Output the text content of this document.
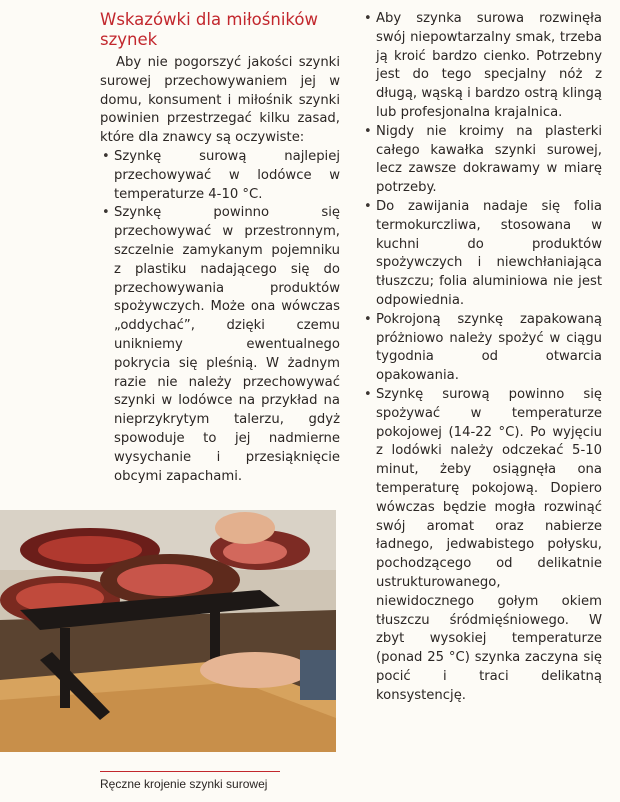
Wskazówki dla miłośników szynek

Aby nie pogorszyć jakości szynki surowej przechowywaniem jej w domu, konsument i miłośnik szynki powinien przestrzegać kilku zasad, które dla znawcy są oczywiste:

• Szynkę surową najlepiej przechowywać w lodówce w temperaturze 4-10 °C.
• Szynkę powinno się przechowywać w przestronnym, szczelnie zamykanym pojemniku z plastiku nadającego się do przechowywania produktów spożywczych. Może ona wówczas „oddychać”, dzięki czemu unikniemy ewentualnego pokrycia się pleśnią. W żadnym razie nie należy przechowywać szynki w lodówce na przykład na nieprzykrytym talerzu, gdyż spowoduje to jej nadmierne wysychanie i przesiąknięcie obcymi zapachami.
• Aby szynka surowa rozwinęła swój niepowtarzalny smak, trzeba ją kroić bardzo cienko. Potrzebny jest do tego specjalny nóż z długą, wąską i bardzo ostrą klingą lub profesjonalna krajalnica.
• Nigdy nie kroimy na plasterki całego kawałka szynki surowej, lecz zawsze dokrawamy w miarę potrzeby.
• Do zawijania nadaje się folia termokurczliwa, stosowana w kuchni do produktów spożywczych i niewchłaniająca tłuszczu; folia aluminiowa nie jest odpowiednia.
• Pokrojoną szynkę zapakowaną próżniowo należy spożyć w ciągu tygodnia od otwarcia opakowania.
• Szynkę surową powinno się spożywać w temperaturze pokojowej (14-22 °C). Po wyjęciu z lodówki należy odczekać 5-10 minut, żeby osiągnęła ona temperaturę pokojową. Dopiero wówczas będzie mogła rozwinąć swój aromat oraz nabierze ładnego, jedwabistego połysku, pochodzącego od delikatnie ustrukturowanego, niewidocznego gołym okiem tłuszczu śródmięśniowego. W zbyt wysokiej temperaturze (ponad 25 °C) szynka zaczyna się pocić i traci delikatną konsystencję.
Ręczne krojenie szynki surowej
